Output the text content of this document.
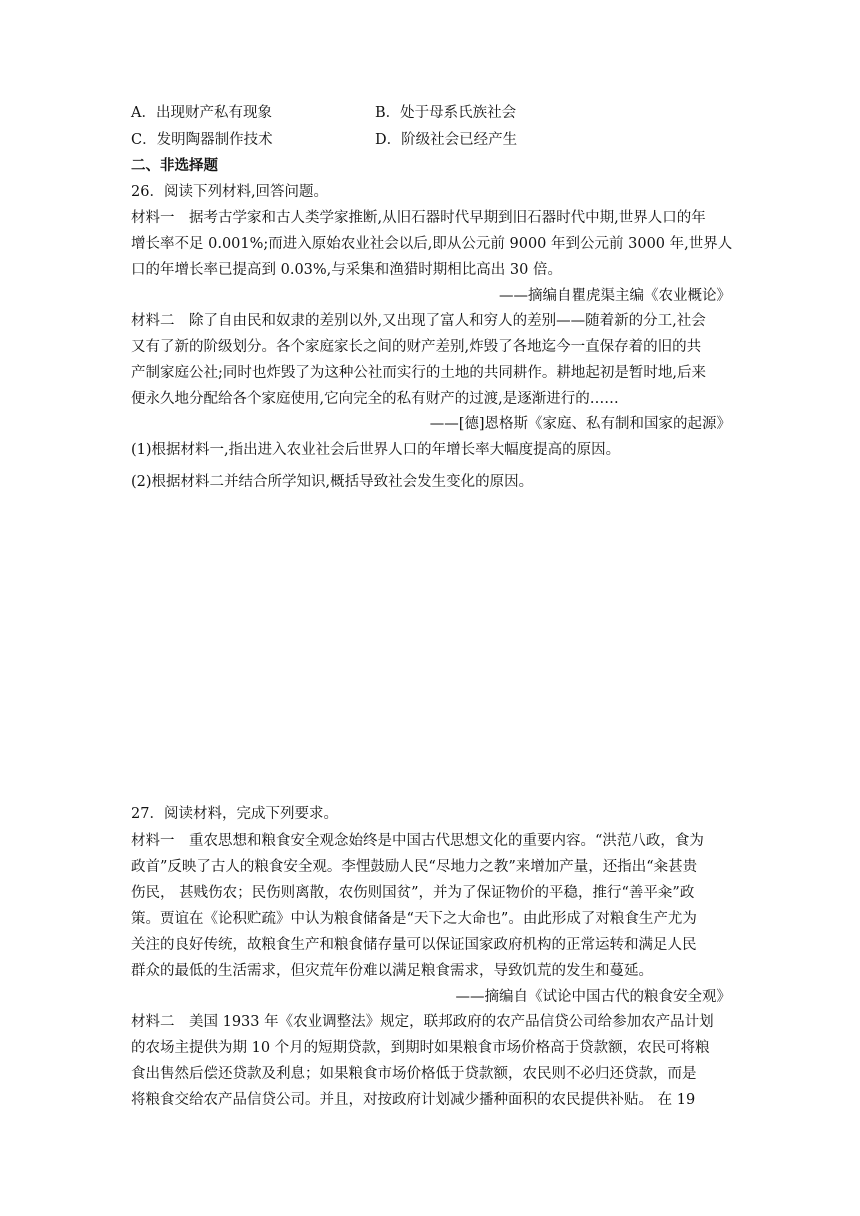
A．出现财产私有现象	B．处于母系氏族社会
C．发明陶器制作技术	D．阶级社会已经产生
二、非选择题
26．阅读下列材料,回答问题。
材料一　据考古学家和古人类学家推断,从旧石器时代早期到旧石器时代中期,世界人口的年
增长率不足 0.001%;而进入原始农业社会以后,即从公元前 9000 年到公元前 3000 年,世界人
口的年增长率已提高到 0.03%,与采集和渔猎时期相比高出 30 倍。
——摘编自瞿虎渠主编《农业概论》
材料二　除了自由民和奴隶的差别以外,又出现了富人和穷人的差别——随着新的分工,社会
又有了新的阶级划分。各个家庭家长之间的财产差别,炸毁了各地迄今一直保存着的旧的共
产制家庭公社;同时也炸毁了为这种公社而实行的土地的共同耕作。耕地起初是暂时地,后来
便永久地分配给各个家庭使用,它向完全的私有财产的过渡,是逐渐进行的……
——[德]恩格斯《家庭、私有制和国家的起源》
(1)根据材料一,指出进入农业社会后世界人口的年增长率大幅度提高的原因。
(2)根据材料二并结合所学知识,概括导致社会发生变化的原因。
27．阅读材料，完成下列要求。
材料一　重农思想和粮食安全观念始终是中国古代思想文化的重要内容。“洪范八政，食为
政首”反映了古人的粮食安全观。李悝鼓励人民“尽地力之教”来增加产量，还指出“籴甚贵
伤民， 甚贱伤农；民伤则离散，农伤则国贫”，并为了保证物价的平稳，推行“善平籴”政
策。贾谊在《论积贮疏》中认为粮食储备是“天下之大命也”。由此形成了对粮食生产尤为
关注的良好传统，故粮食生产和粮食储存量可以保证国家政府机构的正常运转和满足人民
群众的最低的生活需求，但灾荒年份难以满足粮食需求，导致饥荒的发生和蔓延。
——摘编自《试论中国古代的粮食安全观》
材料二　美国 1933 年《农业调整法》规定，联邦政府的农产品信贷公司给参加农产品计划
的农场主提供为期 10 个月的短期贷款，到期时如果粮食市场价格高于贷款额，农民可将粮
食出售然后偿还贷款及利息；如果粮食市场价格低于贷款额，农民则不必归还贷款，而是
将粮食交给农产品信贷公司。并且，对按政府计划减少播种面积的农民提供补贴。 在 19
